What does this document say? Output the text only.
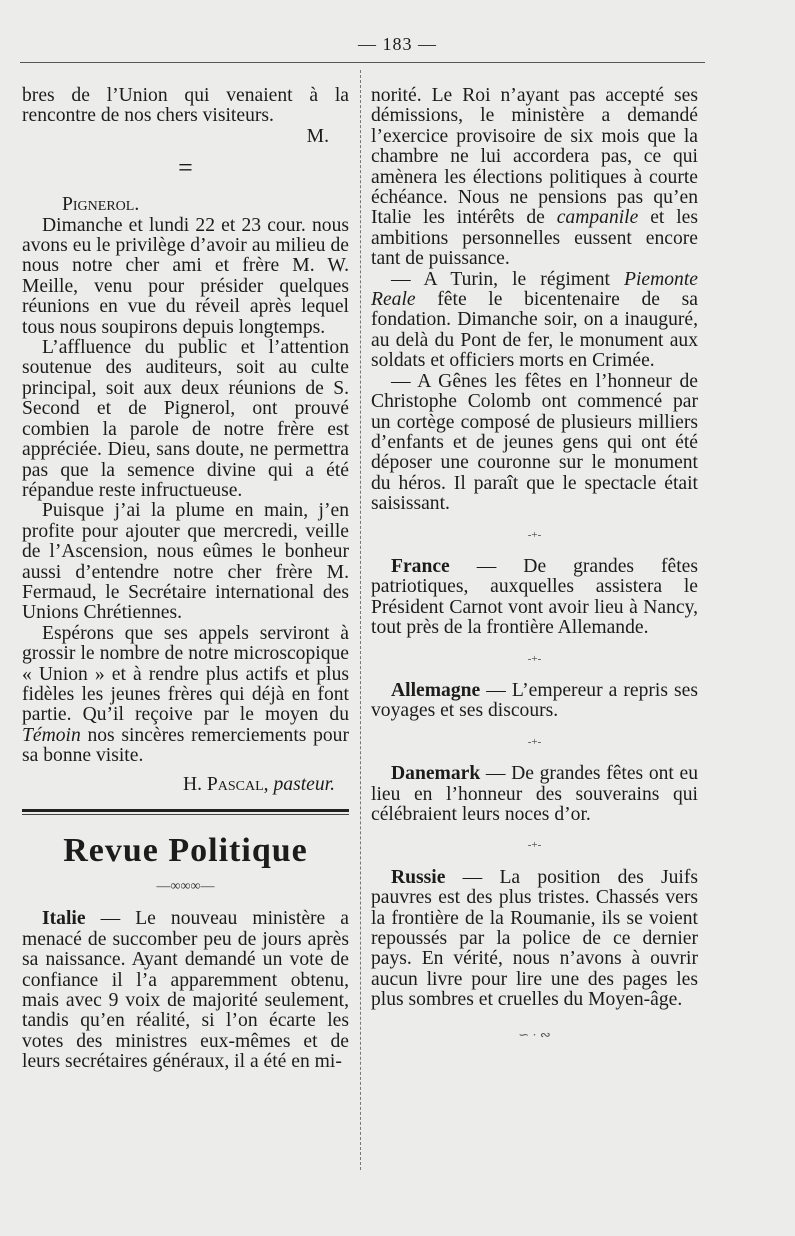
— 183 —

bres de l’Union qui venaient à la rencontre de nos chers visiteurs.

M.

=

Pignerol.

Dimanche et lundi 22 et 23 cour. nous avons eu le privilège d’avoir au milieu de nous notre cher ami et frère M. W. Meille, venu pour présider quelques réunions en vue du réveil après lequel tous nous soupirons depuis longtemps.

L’affluence du public et l’attention soutenue des auditeurs, soit au culte principal, soit aux deux réunions de S. Second et de Pignerol, ont prouvé combien la parole de notre frère est appréciée. Dieu, sans doute, ne permettra pas que la semence divine qui a été répandue reste infructueuse.

Puisque j’ai la plume en main, j’en profite pour ajouter que mercredi, veille de l’Ascension, nous eûmes le bonheur aussi d’entendre notre cher frère M. Fermaud, le Secrétaire international des Unions Chrétiennes.

Espérons que ses appels serviront à grossir le nombre de notre microscopique « Union » et à rendre plus actifs et plus fidèles les jeunes frères qui déjà en font partie. Qu’il reçoive par le moyen du Témoin nos sincères remerciements pour sa bonne visite.

H. Pascal, pasteur.

Revue Politique
—∞∞∞—

Italie — Le nouveau ministère a menacé de succomber peu de jours après sa naissance. Ayant demandé un vote de confiance il l’a apparemment obtenu, mais avec 9 voix de majorité seulement, tandis qu’en réalité, si l’on écarte les votes des ministres eux-mêmes et de leurs secrétaires généraux, il a été en mi-

norité. Le Roi n’ayant pas accepté ses démissions, le ministère a demandé l’exercice provisoire de six mois que la chambre ne lui accordera pas, ce qui amènera les élections politiques à courte échéance. Nous ne pensions pas qu’en Italie les intérêts de campanile et les ambitions personnelles eussent encore tant de puissance.

— A Turin, le régiment Piemonte Reale fête le bicentenaire de sa fondation. Dimanche soir, on a inauguré, au delà du Pont de fer, le monument aux soldats et officiers morts en Crimée.

— A Gênes les fêtes en l’honneur de Christophe Colomb ont commencé par un cortège composé de plusieurs milliers d’enfants et de jeunes gens qui ont été déposer une couronne sur le monument du héros. Il paraît que le spectacle était saisissant.

-+-

France — De grandes fêtes patriotiques, auxquelles assistera le Président Carnot vont avoir lieu à Nancy, tout près de la frontière Allemande.

-+-

Allemagne — L’empereur a repris ses voyages et ses discours.

-+-

Danemark — De grandes fêtes ont eu lieu en l’honneur des souverains qui célébraient leurs noces d’or.

-+-

Russie — La position des Juifs pauvres est des plus tristes. Chassés vers la frontière de la Roumanie, ils se voient repoussés par la police de ce dernier pays. En vérité, nous n’avons à ouvrir aucun livre pour lire une des pages les plus sombres et cruelles du Moyen-âge.

∽ · ∾
